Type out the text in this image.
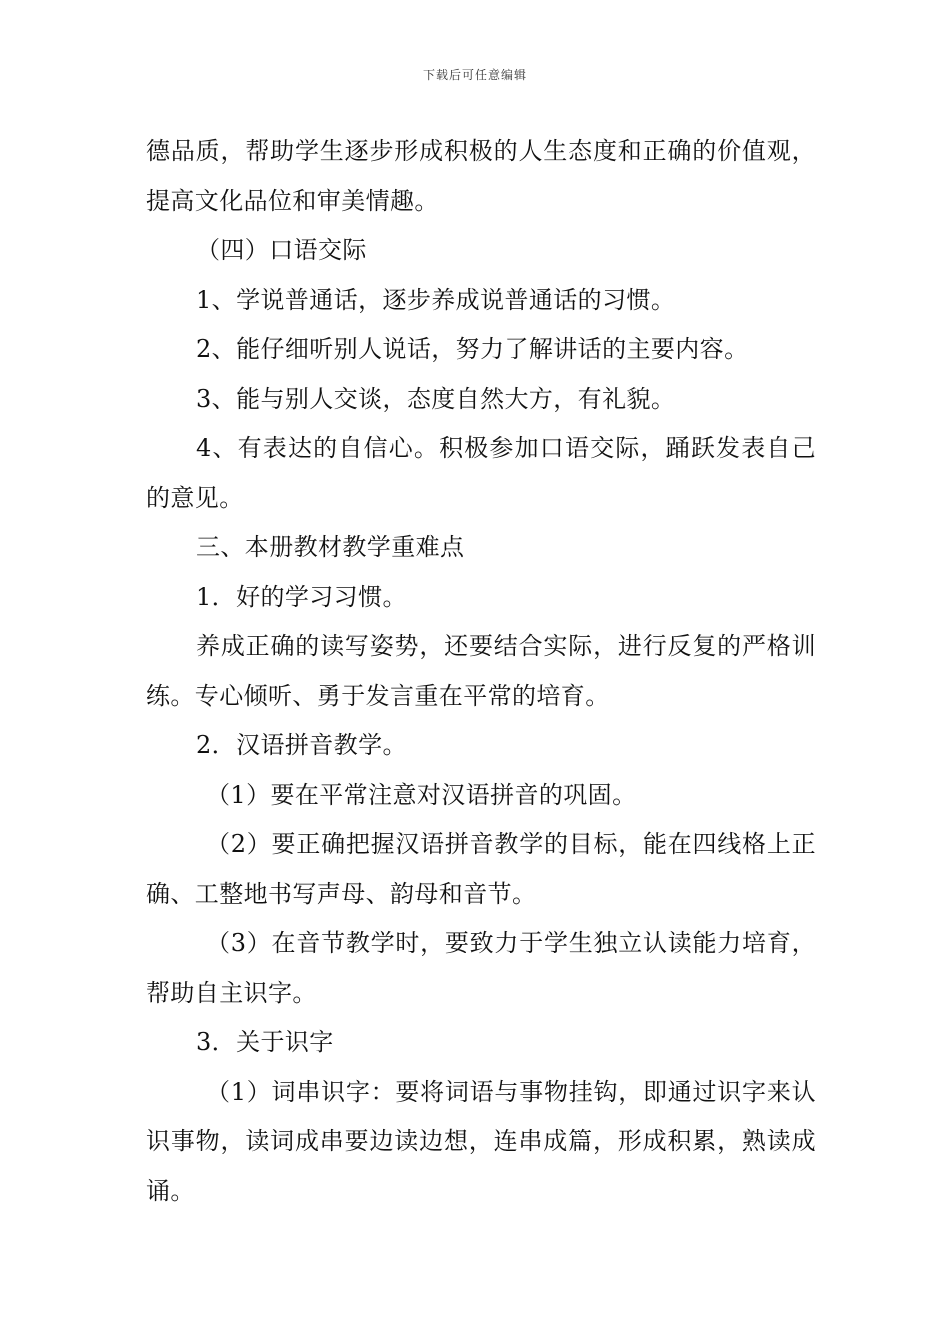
下载后可任意编辑

德品质，帮助学生逐步形成积极的人生态度和正确的价值观，提高文化品位和审美情趣。

（四）口语交际

1、学说普通话，逐步养成说普通话的习惯。

2、能仔细听别人说话，努力了解讲话的主要内容。

3、能与别人交谈，态度自然大方，有礼貌。

4、有表达的自信心。积极参加口语交际，踊跃发表自己的意见。

三、本册教材教学重难点

1．好的学习习惯。

养成正确的读写姿势，还要结合实际，进行反复的严格训练。专心倾听、勇于发言重在平常的培育。

2．汉语拼音教学。

（1）要在平常注意对汉语拼音的巩固。

（2）要正确把握汉语拼音教学的目标，能在四线格上正确、工整地书写声母、韵母和音节。

（3）在音节教学时，要致力于学生独立认读能力培育，帮助自主识字。

3．关于识字

（1）词串识字：要将词语与事物挂钩，即通过识字来认识事物，读词成串要边读边想，连串成篇，形成积累，熟读成诵。
